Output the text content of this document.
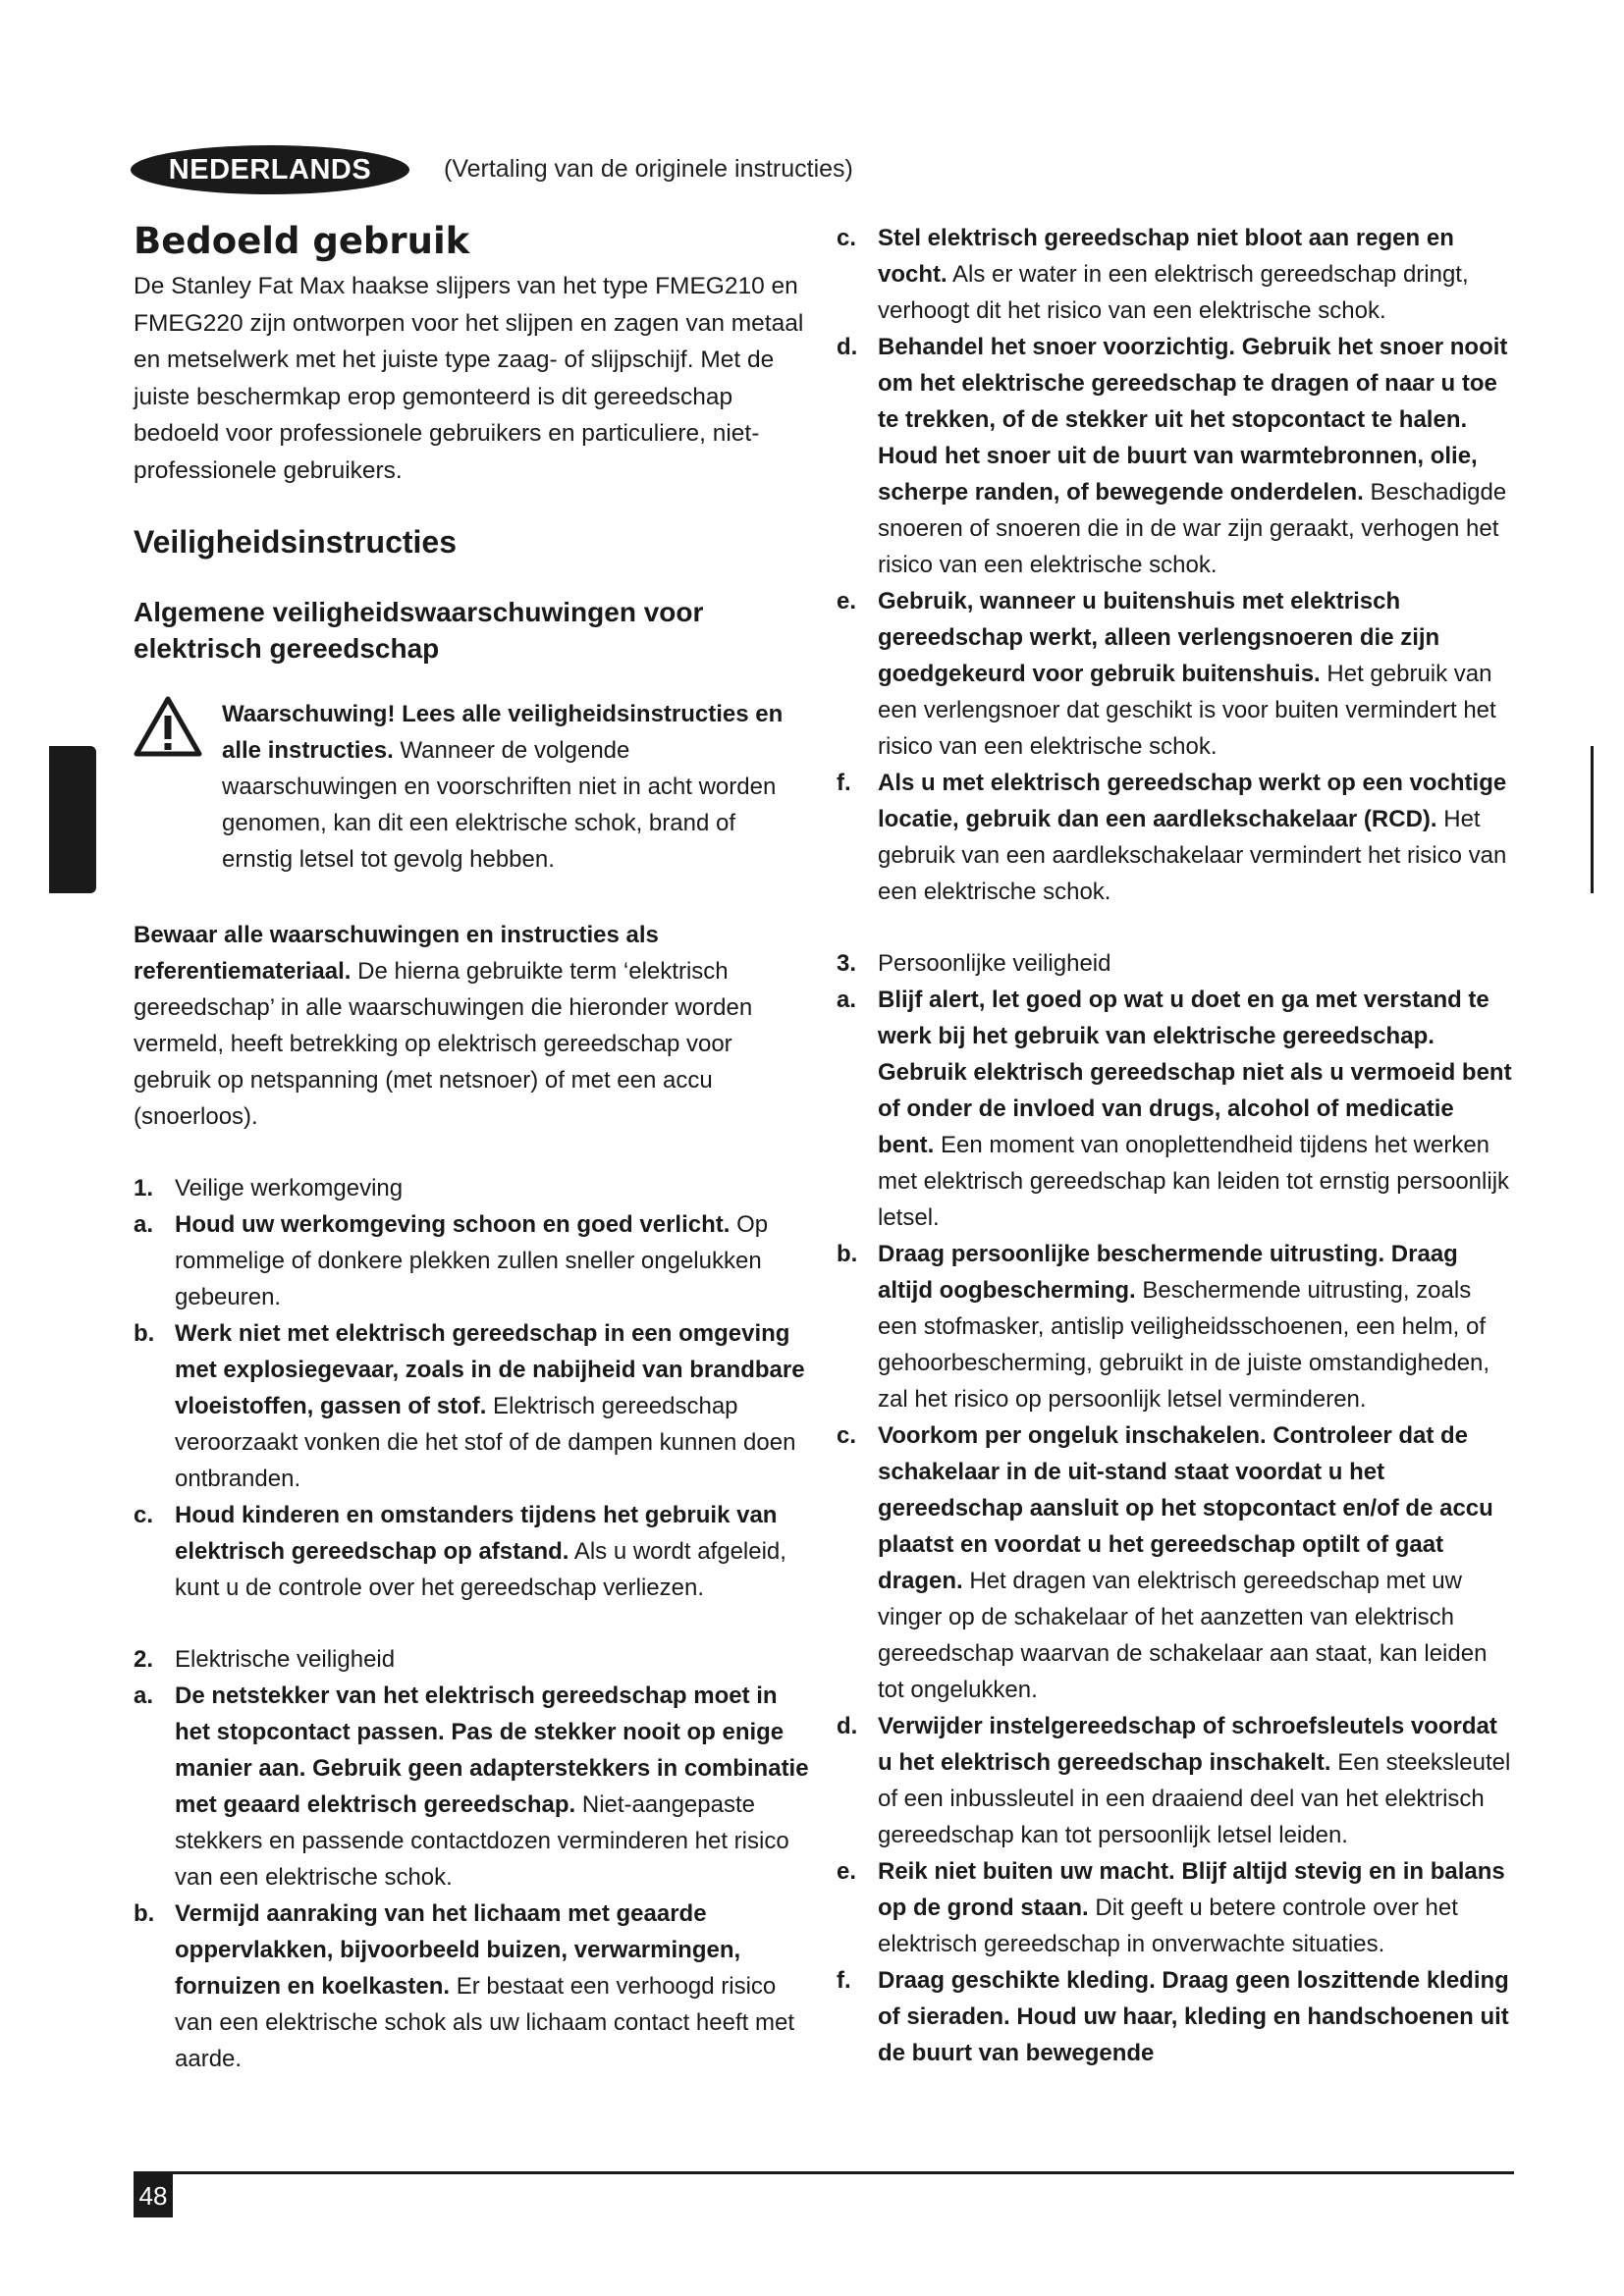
NEDERLANDS	(Vertaling van de originele instructies)
Bedoeld gebruik

De Stanley Fat Max haakse slijpers van het type FMEG210 en FMEG220 zijn ontworpen voor het slijpen en zagen van metaal en metselwerk met het juiste type zaag- of slijpschijf. Met de juiste beschermkap erop gemonteerd is dit gereedschap bedoeld voor professionele gebruikers en particuliere, niet-professionele gebruikers.

Veiligheidsinstructies
Algemene veiligheidswaarschuwingen voor elektrisch gereedschap

Waarschuwing! Lees alle veiligheidsinstructies en alle instructies. Wanneer de volgende waarschuwingen en voorschriften niet in acht worden genomen, kan dit een elektrische schok, brand of ernstig letsel tot gevolg hebben.

Bewaar alle waarschuwingen en instructies als referentiemateriaal. De hierna gebruikte term ‘elektrisch gereedschap’ in alle waarschuwingen die hieronder worden vermeld, heeft betrekking op elektrisch gereedschap voor gebruik op netspanning (met netsnoer) of met een accu (snoerloos).

1. Veilige werkomgeving
a. Houd uw werkomgeving schoon en goed verlicht. Op rommelige of donkere plekken zullen sneller ongelukken gebeuren.
b. Werk niet met elektrisch gereedschap in een omgeving met explosiegevaar, zoals in de nabijheid van brandbare vloeistoffen, gassen of stof. Elektrisch gereedschap veroorzaakt vonken die het stof of de dampen kunnen doen ontbranden.
c. Houd kinderen en omstanders tijdens het gebruik van elektrisch gereedschap op afstand. Als u wordt afgeleid, kunt u de controle over het gereedschap verliezen.
2. Elektrische veiligheid
a. De netstekker van het elektrisch gereedschap moet in het stopcontact passen. Pas de stekker nooit op enige manier aan. Gebruik geen adapterstekkers in combinatie met geaard elektrisch gereedschap. Niet-aangepaste stekkers en passende contactdozen verminderen het risico van een elektrische schok.
b. Vermijd aanraking van het lichaam met geaarde oppervlakken, bijvoorbeeld buizen, verwarmingen, fornuizen en koelkasten. Er bestaat een verhoogd risico van een elektrische schok als uw lichaam contact heeft met aarde.
c. Stel elektrisch gereedschap niet bloot aan regen en vocht. Als er water in een elektrisch gereedschap dringt, verhoogt dit het risico van een elektrische schok.
d. Behandel het snoer voorzichtig. Gebruik het snoer nooit om het elektrische gereedschap te dragen of naar u toe te trekken, of de stekker uit het stopcontact te halen. Houd het snoer uit de buurt van warmtebronnen, olie, scherpe randen, of bewegende onderdelen. Beschadigde snoeren of snoeren die in de war zijn geraakt, verhogen het risico van een elektrische schok.
e. Gebruik, wanneer u buitenshuis met elektrisch gereedschap werkt, alleen verlengsnoeren die zijn goedgekeurd voor gebruik buitenshuis. Het gebruik van een verlengsnoer dat geschikt is voor buiten vermindert het risico van een elektrische schok.
f. Als u met elektrisch gereedschap werkt op een vochtige locatie, gebruik dan een aardlekschakelaar (RCD). Het gebruik van een aardlekschakelaar vermindert het risico van een elektrische schok.
3. Persoonlijke veiligheid
a. Blijf alert, let goed op wat u doet en ga met verstand te werk bij het gebruik van elektrische gereedschap. Gebruik elektrisch gereedschap niet als u vermoeid bent of onder de invloed van drugs, alcohol of medicatie bent. Een moment van onoplettendheid tijdens het werken met elektrisch gereedschap kan leiden tot ernstig persoonlijk letsel.
b. Draag persoonlijke beschermende uitrusting. Draag altijd oogbescherming. Beschermende uitrusting, zoals een stofmasker, antislip veiligheidsschoenen, een helm, of gehoorbescherming, gebruikt in de juiste omstandigheden, zal het risico op persoonlijk letsel verminderen.
c. Voorkom per ongeluk inschakelen. Controleer dat de schakelaar in de uit-stand staat voordat u het gereedschap aansluit op het stopcontact en/of de accu plaatst en voordat u het gereedschap optilt of gaat dragen. Het dragen van elektrisch gereedschap met uw vinger op de schakelaar of het aanzetten van elektrisch gereedschap waarvan de schakelaar aan staat, kan leiden tot ongelukken.
d. Verwijder instelgereedschap of schroefsleutels voordat u het elektrisch gereedschap inschakelt. Een steeksleutel of een inbussleutel in een draaiend deel van het elektrisch gereedschap kan tot persoonlijk letsel leiden.
e. Reik niet buiten uw macht. Blijf altijd stevig en in balans op de grond staan. Dit geeft u betere controle over het elektrisch gereedschap in onverwachte situaties.
f. Draag geschikte kleding. Draag geen loszittende kleding of sieraden. Houd uw haar, kleding en handschoenen uit de buurt van bewegende
48
